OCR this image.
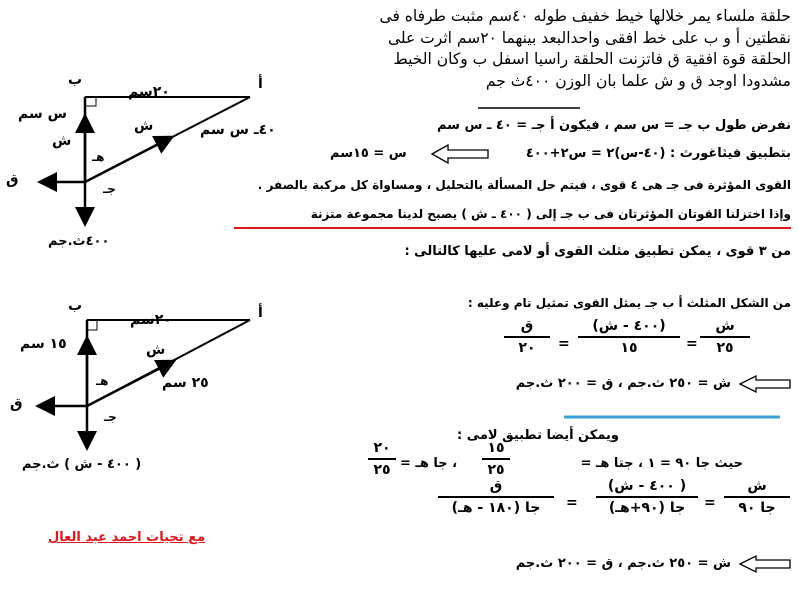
حلقة ملساء يمر خلالها خيط خفيف طوله ٤٠سم مثبت طرفاه فى
نقطتين أ و ب على خط افقى واحدالبعد بينهما ٢٠سم اثرت على
الحلقة قوة افقية ق فاتزنت الحلقة راسيا اسفل ب وكان الخيط
مشدودا اوجد ق و ش علما بان الوزن ٤٠٠ث جم
ب	أ
٢٠سم
س سم
ش
ش	٤٠ـ س سم
هـ
جـ
ق
٤٠٠ث.جم
ب	أ
٢٠سم
١٥ سم	ش
٢٥ سم
هـ
جـ
ق
( ٤٠٠ - ش ) ث.جم
نفرض طول ب جـ = س سم ، فيكون أ جـ = ٤٠ ـ س سم
بتطبيق فيثاغورث : (٤٠-س)٢ = س٢+٤٠٠
س = ١٥سم
القوى المؤثرة فى جـ هى ٤ قوى ، فيتم حل المسألة بالتحليل ، ومساواة كل مركبة بالصفر .
وإذا اختزلنا القوتان المؤثرتان فى ب جـ إلى ( ٤٠٠ ـ ش ) يصبح لدينا مجموعة متزنة
من ٣ قوى ، يمكن تطبيق مثلث القوى أو لامى عليها كالتالى :
من الشكل المثلث أ ب جـ يمثل القوى تمثيل تام وعليه :
ش
٢٥
=
(٤٠٠ - ش)
١٥
=
ق
٢٠
ش = ٢٥٠ ث.جم ، ق = ٢٠٠ ث.جم
ويمكن أيضا تطبيق لامى :
حيث جا ٩٠ = ١ ، جتا هـ =
١٥
٢٥
، جا هـ =
٢٠
٢٥
ش
جا ٩٠
=
(٤٠٠ - ش )
جا (٩٠+هـ)
=
ق
جا (١٨٠ - هـ)
ش = ٢٥٠ ث.جم ، ق = ٢٠٠ ث.جم
مع تحيات احمد عبد العال
